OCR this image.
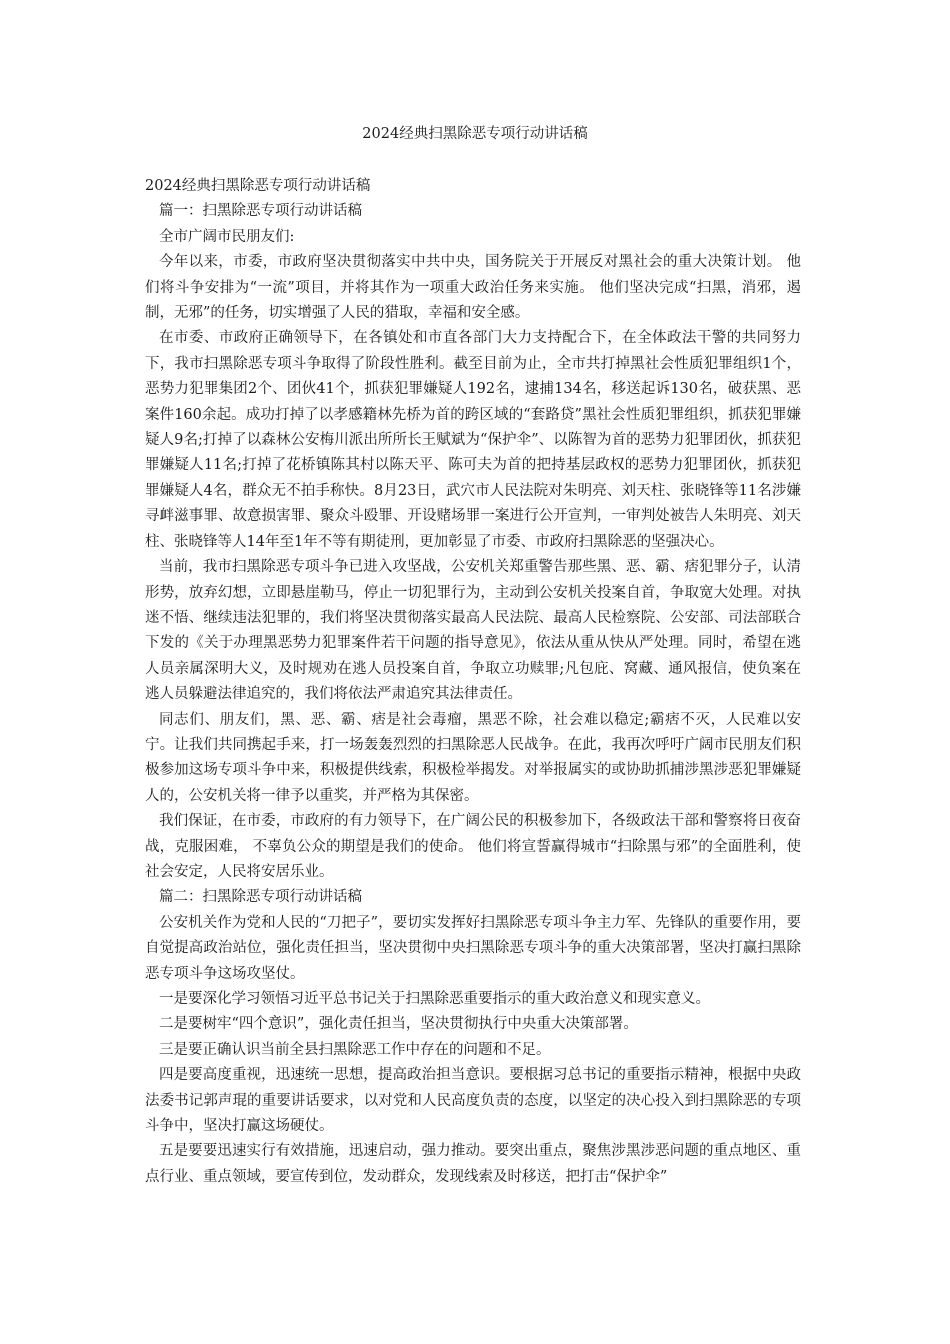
2024经典扫黑除恶专项行动讲话稿

2024经典扫黑除恶专项行动讲话稿

篇一：扫黑除恶专项行动讲话稿

全市广阔市民朋友们:

今年以来，市委，市政府坚决贯彻落实中共中央，国务院关于开展反对黑社会的重大决策计划。 他们将斗争安排为“一流”项目，并将其作为一项重大政治任务来实施。 他们坚决完成“扫黑，消邪，遏制，无邪”的任务，切实增强了人民的猎取，幸福和安全感。

在市委、市政府正确领导下，在各镇处和市直各部门大力支持配合下，在全体政法干警的共同努力下，我市扫黑除恶专项斗争取得了阶段性胜利。截至目前为止，全市共打掉黑社会性质犯罪组织1个，恶势力犯罪集团2个、团伙41个，抓获犯罪嫌疑人192名，逮捕134名，移送起诉130名，破获黑、恶案件160余起。成功打掉了以孝感籍林先桥为首的跨区域的“套路贷”黑社会性质犯罪组织，抓获犯罪嫌疑人9名;打掉了以森林公安梅川派出所所长王赋斌为“保护伞”、以陈智为首的恶势力犯罪团伙，抓获犯罪嫌疑人11名;打掉了花桥镇陈其村以陈天平、陈可夫为首的把持基层政权的恶势力犯罪团伙，抓获犯罪嫌疑人4名，群众无不拍手称快。8月23日，武穴市人民法院对朱明亮、刘天柱、张晓锋等11名涉嫌寻衅滋事罪、故意损害罪、聚众斗殴罪、开设赌场罪一案进行公开宣判，一审判处被告人朱明亮、刘天柱、张晓锋等人14年至1年不等有期徒刑，更加彰显了市委、市政府扫黑除恶的坚强决心。

当前，我市扫黑除恶专项斗争已进入攻坚战，公安机关郑重警告那些黑、恶、霸、痞犯罪分子，认清形势，放弃幻想，立即悬崖勒马，停止一切犯罪行为，主动到公安机关投案自首，争取宽大处理。对执迷不悟、继续违法犯罪的，我们将坚决贯彻落实最高人民法院、最高人民检察院、公安部、司法部联合下发的《关于办理黑恶势力犯罪案件若干问题的指导意见》，依法从重从快从严处理。同时，希望在逃人员亲属深明大义，及时规劝在逃人员投案自首，争取立功赎罪;凡包庇、窝藏、通风报信，使负案在逃人员躲避法律追究的，我们将依法严肃追究其法律责任。

同志们、朋友们，黑、恶、霸、痞是社会毒瘤，黑恶不除，社会难以稳定;霸痞不灭，人民难以安宁。让我们共同携起手来，打一场轰轰烈烈的扫黑除恶人民战争。在此，我再次呼吁广阔市民朋友们积极参加这场专项斗争中来，积极提供线索，积极检举揭发。对举报属实的或协助抓捕涉黑涉恶犯罪嫌疑人的，公安机关将一律予以重奖，并严格为其保密。

我们保证，在市委，市政府的有力领导下，在广阔公民的积极参加下，各级政法干部和警察将日夜奋战，克服困难， 不辜负公众的期望是我们的使命。 他们将宣誓赢得城市“扫除黑与邪”的全面胜利，使社会安定，人民将安居乐业。

篇二：扫黑除恶专项行动讲话稿

公安机关作为党和人民的“刀把子”，要切实发挥好扫黑除恶专项斗争主力军、先锋队的重要作用，要自觉提高政治站位，强化责任担当，坚决贯彻中央扫黑除恶专项斗争的重大决策部署，坚决打赢扫黑除恶专项斗争这场攻坚仗。

一是要深化学习领悟习近平总书记关于扫黑除恶重要指示的重大政治意义和现实意义。

二是要树牢“四个意识”，强化责任担当，坚决贯彻执行中央重大决策部署。

三是要正确认识当前全县扫黑除恶工作中存在的问题和不足。

四是要高度重视，迅速统一思想，提高政治担当意识。要根据习总书记的重要指示精神，根据中央政法委书记郭声琨的重要讲话要求，以对党和人民高度负责的态度，以坚定的决心投入到扫黑除恶的专项斗争中，坚决打赢这场硬仗。

五是要要迅速实行有效措施，迅速启动，强力推动。要突出重点，聚焦涉黑涉恶问题的重点地区、重点行业、重点领域，要宣传到位，发动群众，发现线索及时移送，把打击“保护伞”
